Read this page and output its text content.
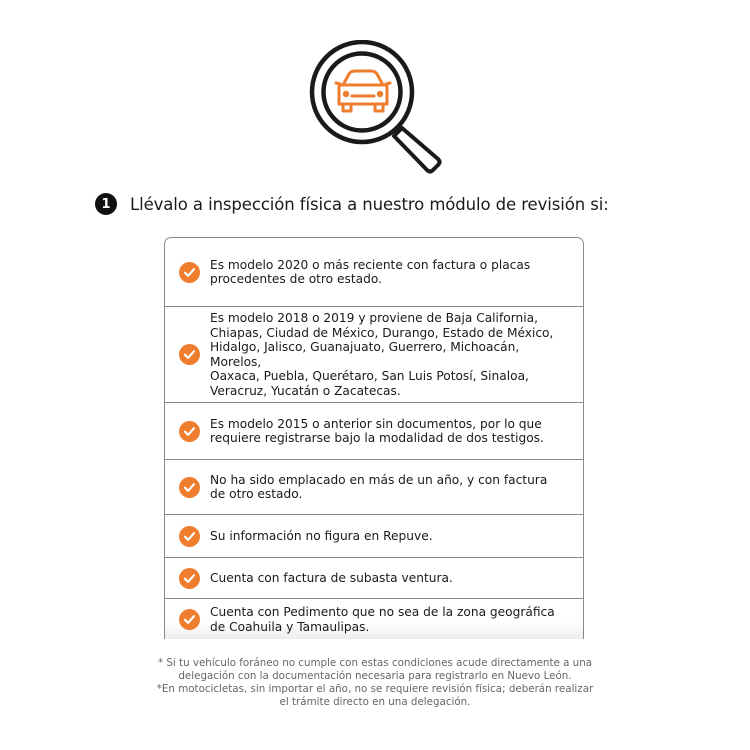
1	Llévalo a inspección física a nuestro módulo de revisión si:
Es modelo 2020 o más reciente con factura o placas
procedentes de otro estado.
Es modelo 2018 o 2019 y proviene de Baja California,
Chiapas, Ciudad de México, Durango, Estado de México,
Hidalgo, Jalisco, Guanajuato, Guerrero, Michoacán, Morelos,
Oaxaca, Puebla, Querétaro, San Luis Potosí, Sinaloa,
Veracruz, Yucatán o Zacatecas.
Es modelo 2015 o anterior sin documentos, por lo que
requiere registrarse bajo la modalidad de dos testigos.
No ha sido emplacado en más de un año, y con factura
de otro estado.
Su información no figura en Repuve.
Cuenta con factura de subasta ventura.
Cuenta con Pedimento que no sea de la zona geográfica
de Coahuila y Tamaulipas.
* Si tu vehículo foráneo no cumple con estas condiciones acude directamente a una
delegación con la documentación necesaria para registrarlo en Nuevo León.
*En motocicletas, sin importar el año, no se requiere revisión física; deberán realizar
el trámite directo en una delegación.
